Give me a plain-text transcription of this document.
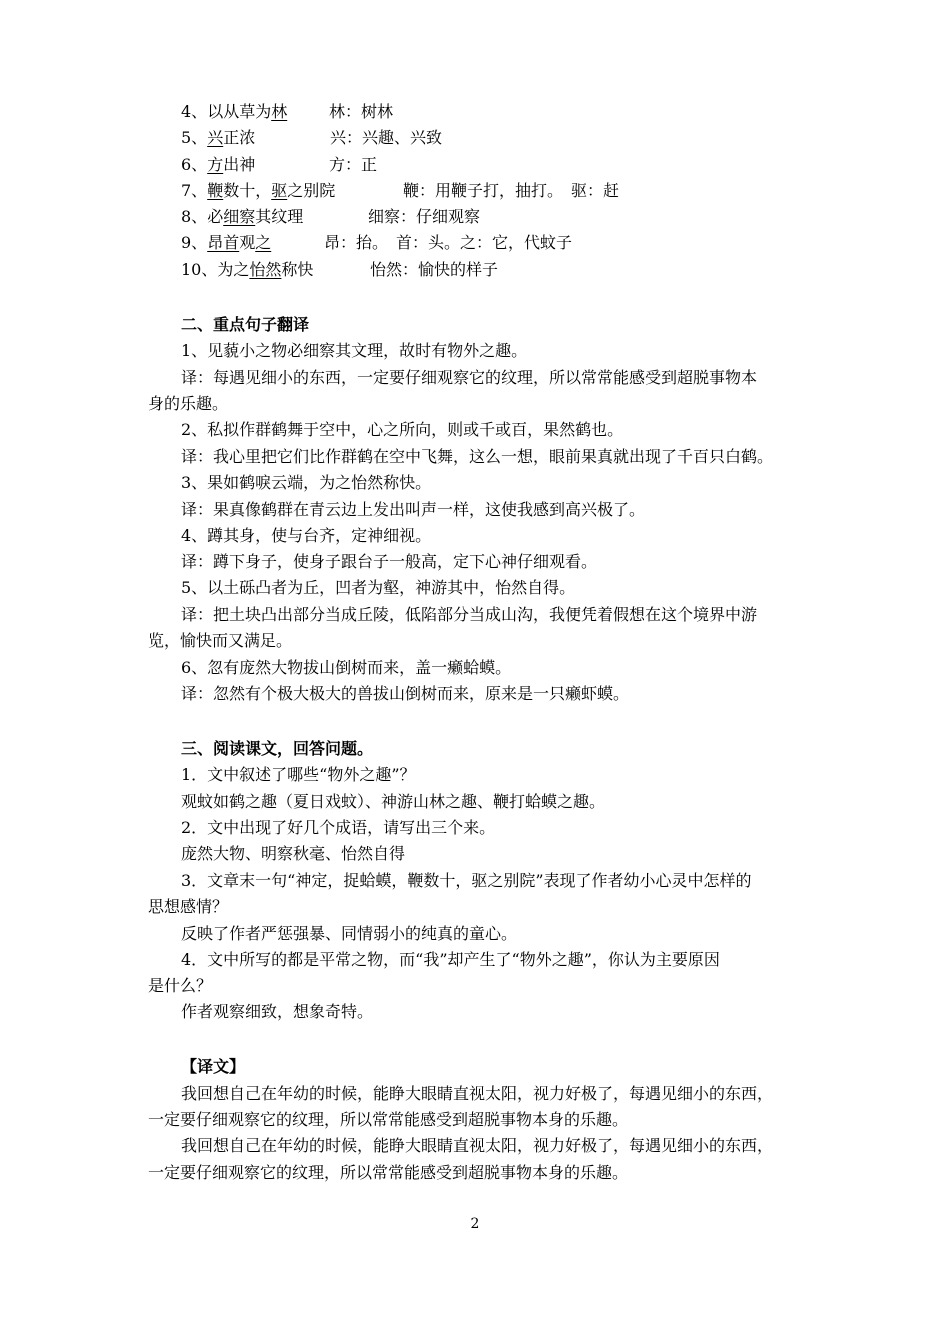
4、以从草为林	林：树林
5、兴正浓	兴：兴趣、兴致
6、方出神	方：正
7、鞭数十，驱之别院	鞭：用鞭子打，抽打。　驱：赶
8、必细察其纹理	细察：仔细观察
9、昂首观之	昂：抬。　首：头。之：它，代蚊子
10、为之怡然称快	怡然：愉快的样子
二、重点句子翻译
1、见藐小之物必细察其文理，故时有物外之趣。
译：每遇见细小的东西，一定要仔细观察它的纹理，所以常常能感受到超脱事物本
身的乐趣。
2、私拟作群鹤舞于空中，心之所向，则或千或百，果然鹤也。
译：我心里把它们比作群鹤在空中飞舞，这么一想，眼前果真就出现了千百只白鹤。
3、果如鹤唳云端，为之怡然称快。
译：果真像鹤群在青云边上发出叫声一样，这使我感到高兴极了。
4、蹲其身，使与台齐，定神细视。
译：蹲下身子，使身子跟台子一般高，定下心神仔细观看。
5、以土砾凸者为丘，凹者为壑，神游其中，怡然自得。
译：把土块凸出部分当成丘陵，低陷部分当成山沟，我便凭着假想在这个境界中游
览，愉快而又满足。
6、忽有庞然大物拔山倒树而来，盖一癞蛤蟆。
译：忽然有个极大极大的兽拔山倒树而来，原来是一只癞虾蟆。
三、阅读课文，回答问题。
1．文中叙述了哪些“物外之趣”？
观蚊如鹤之趣（夏日戏蚊）、神游山林之趣、鞭打蛤蟆之趣。
2．文中出现了好几个成语，请写出三个来。
庞然大物、明察秋毫、怡然自得
3．文章末一句“神定，捉蛤蟆，鞭数十，驱之别院”表现了作者幼小心灵中怎样的
思想感情？
反映了作者严惩强暴、同情弱小的纯真的童心。
4．文中所写的都是平常之物，而“我”却产生了“物外之趣”，你认为主要原因
是什么？
作者观察细致，想象奇特。
【译文】
我回想自己在年幼的时候，能睁大眼睛直视太阳，视力好极了，每遇见细小的东西，
一定要仔细观察它的纹理，所以常常能感受到超脱事物本身的乐趣。
我回想自己在年幼的时候，能睁大眼睛直视太阳，视力好极了，每遇见细小的东西，
一定要仔细观察它的纹理，所以常常能感受到超脱事物本身的乐趣。
2
